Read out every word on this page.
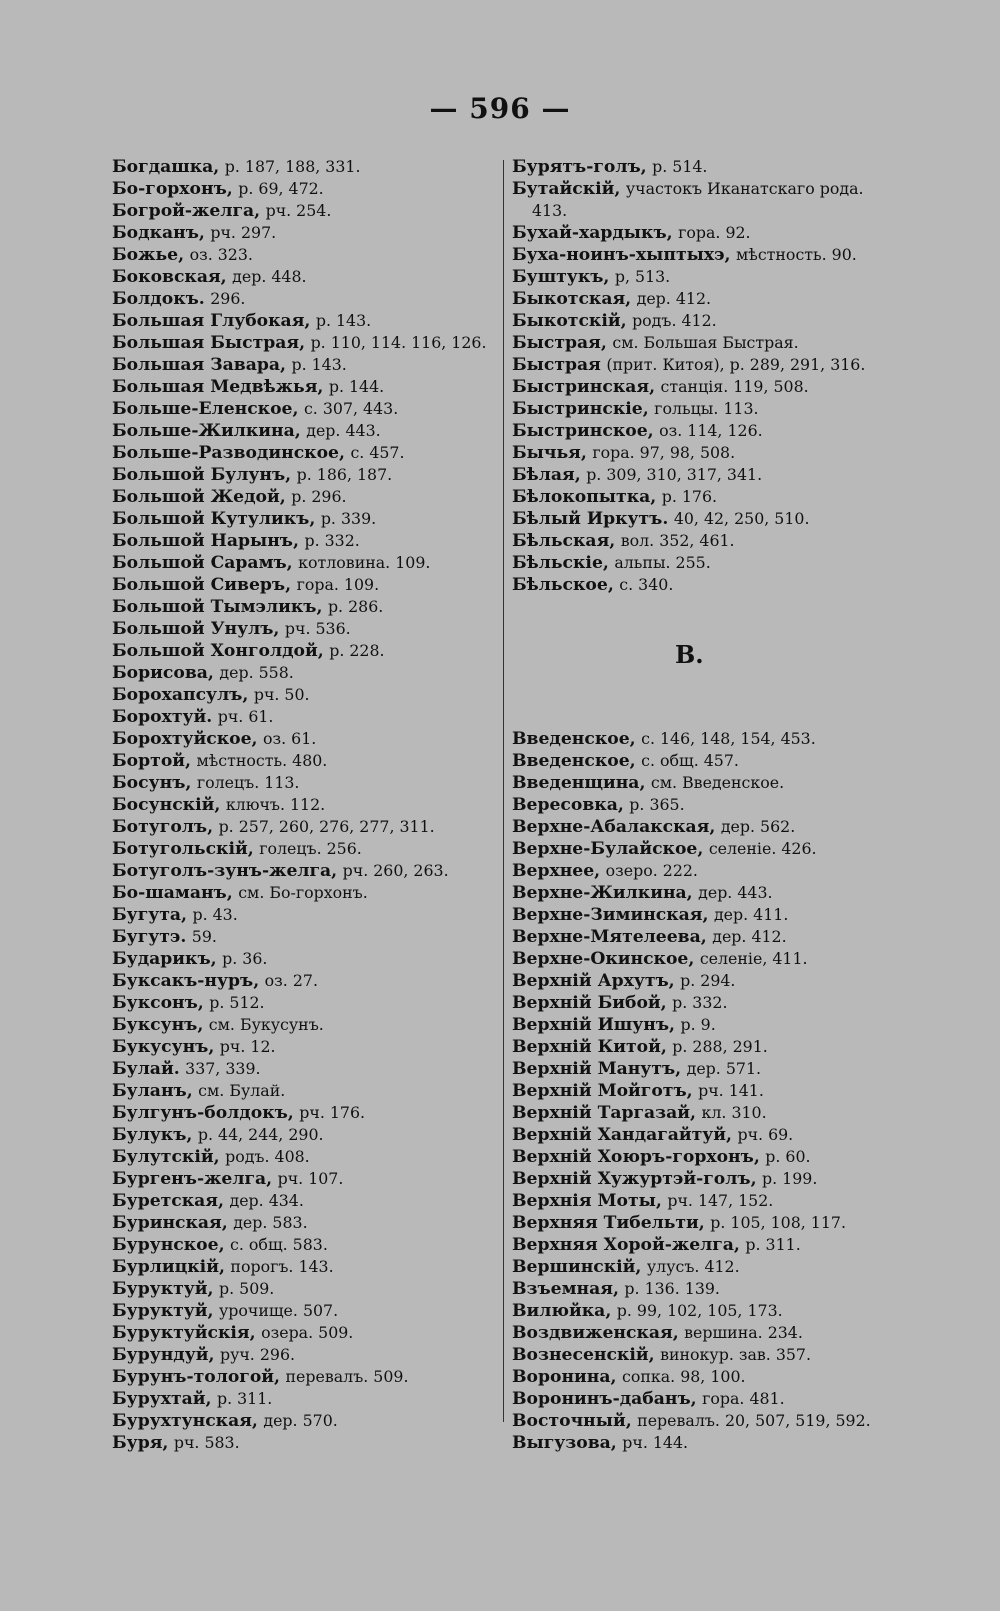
— 596 —
Богдашка, р. 187, 188, 331.
Бо-горхонъ, р. 69, 472.
Богрой-желга, рч. 254.
Бодканъ, рч. 297.
Божье, оз. 323.
Боковская, дер. 448.
Болдокъ. 296.
Большая Глубокая, р. 143.
Большая Быстрая, р. 110, 114. 116, 126.
Большая Завара, р. 143.
Большая Медвѣжья, р. 144.
Больше-Еленское, с. 307, 443.
Больше-Жилкина, дер. 443.
Больше-Разводинское, с. 457.
Большой Булунъ, р. 186, 187.
Большой Жедой, р. 296.
Большой Кутуликъ, р. 339.
Большой Нарынъ, р. 332.
Большой Сарамъ, котловина. 109.
Большой Сиверъ, гора. 109.
Большой Тымэликъ, р. 286.
Большой Унулъ, рч. 536.
Большой Хонголдой, р. 228.
Борисова, дер. 558.
Борохапсулъ, рч. 50.
Борохтуй. рч. 61.
Борохтуйское, оз. 61.
Бортой, мѣстность. 480.
Босунъ, голецъ. 113.
Босунскій, ключъ. 112.
Ботуголъ, р. 257, 260, 276, 277, 311.
Ботугольскій, голецъ. 256.
Ботуголъ-зунъ-желга, рч. 260, 263.
Бо-шаманъ, см. Бо-горхонъ.
Бугута, р. 43.
Бугутэ. 59.
Бударикъ, р. 36.
Буксакъ-нуръ, оз. 27.
Буксонъ, р. 512.
Буксунъ, см. Букусунъ.
Букусунъ, рч. 12.
Булай. 337, 339.
Буланъ, см. Булай.
Булгунъ-болдокъ, рч. 176.
Булукъ, р. 44, 244, 290.
Булутскій, родъ. 408.
Бургенъ-желга, рч. 107.
Буретская, дер. 434.
Буринская, дер. 583.
Бурунское, с. общ. 583.
Бурлицкій, порогъ. 143.
Буруктуй, р. 509.
Буруктуй, урочище. 507.
Буруктуйскія, озера. 509.
Бурундуй, руч. 296.
Бурунъ-тологой, перевалъ. 509.
Бурухтай, р. 311.
Бурухтунская, дер. 570.
Буря, рч. 583.
Бурятъ-голъ, р. 514.
Бутайскій, участокъ Иканатскаго рода. 413.
Бухай-хардыкъ, гора. 92.
Буха-ноинъ-хыптыхэ, мѣстность. 90.
Буштукъ, р, 513.
Быкотская, дер. 412.
Быкотскій, родъ. 412.
Быстрая, см. Большая Быстрая.
Быстрая (прит. Китоя), р. 289, 291, 316.
Быстринская, станція. 119, 508.
Быстринскіе, гольцы. 113.
Быстринское, оз. 114, 126.
Бычья, гора. 97, 98, 508.
Бѣлая, р. 309, 310, 317, 341.
Бѣлокопытка, р. 176.
Бѣлый Иркутъ. 40, 42, 250, 510.
Бѣльская, вол. 352, 461.
Бѣльскіе, альпы. 255.
Бѣльское, с. 340.
В.
Введенское, с. 146, 148, 154, 453.
Введенское, с. общ. 457.
Введенщина, см. Введенское.
Вересовка, р. 365.
Верхне-Абалакская, дер. 562.
Верхне-Булайское, селеніе. 426.
Верхнее, озеро. 222.
Верхне-Жилкина, дер. 443.
Верхне-Зиминская, дер. 411.
Верхне-Мятелеева, дер. 412.
Верхне-Окинское, селеніе, 411.
Верхній Архутъ, р. 294.
Верхній Бибой, р. 332.
Верхній Ишунъ, р. 9.
Верхній Китой, р. 288, 291.
Верхній Манутъ, дер. 571.
Верхній Мойготъ, рч. 141.
Верхній Таргазай, кл. 310.
Верхній Хандагайтуй, рч. 69.
Верхній Хоюръ-горхонъ, р. 60.
Верхній Хужуртэй-голъ, р. 199.
Верхнія Моты, рч. 147, 152.
Верхняя Тибельти, р. 105, 108, 117.
Верхняя Хорой-желга, р. 311.
Вершинскій, улусъ. 412.
Взъемная, р. 136. 139.
Вилюйка, р. 99, 102, 105, 173.
Воздвиженская, вершина. 234.
Вознесенскій, винокур. зав. 357.
Воронина, сопка. 98, 100.
Воронинъ-дабанъ, гора. 481.
Восточный, перевалъ. 20, 507, 519, 592.
Выгузова, рч. 144.
